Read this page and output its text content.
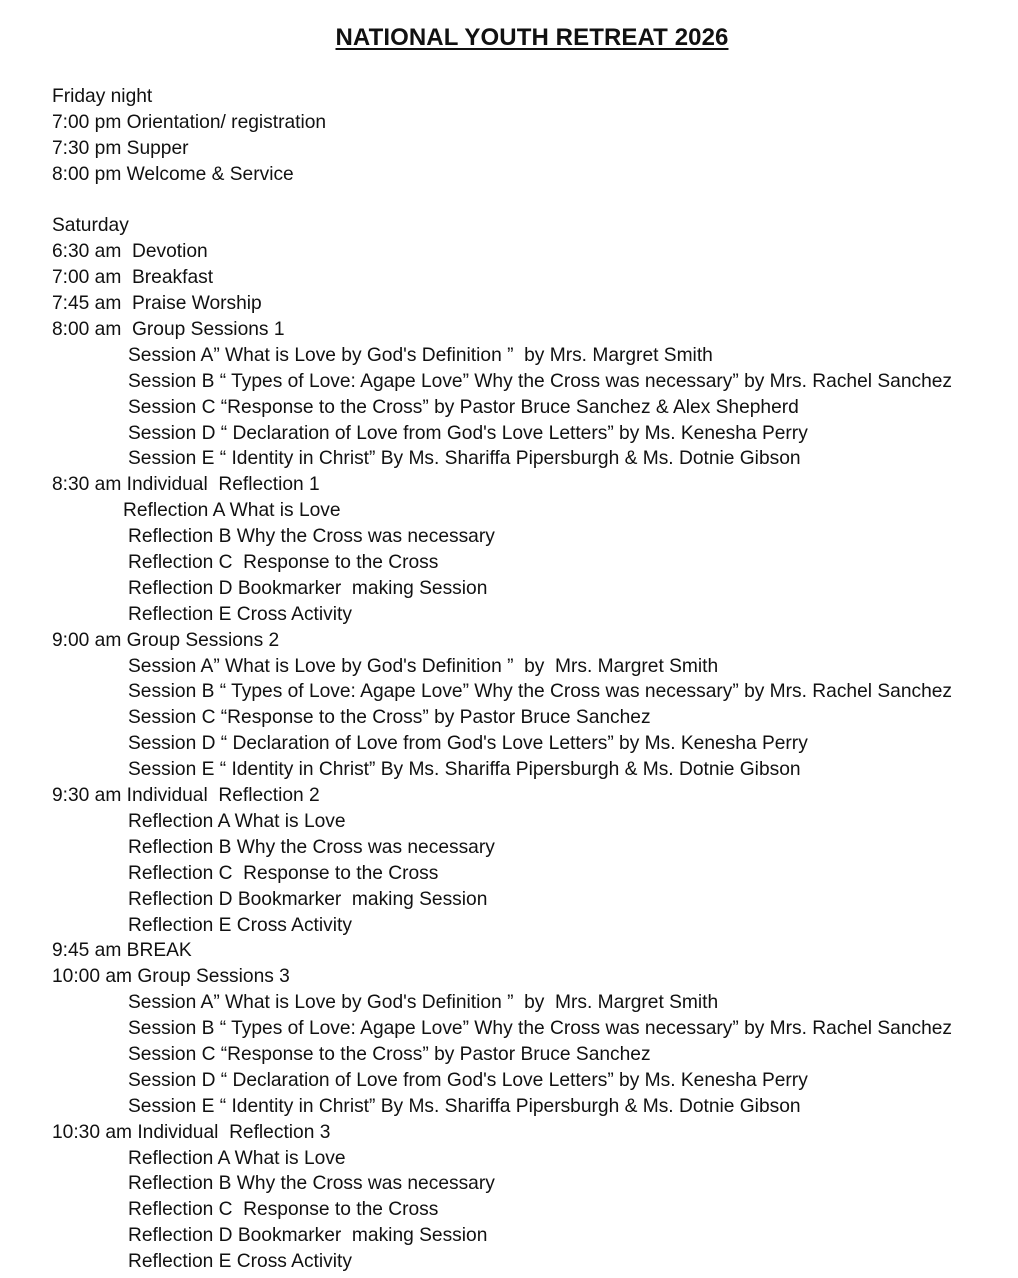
NATIONAL YOUTH RETREAT 2026
Friday night
7:00 pm Orientation/ registration
7:30 pm Supper
8:00 pm Welcome & Service
Saturday
6:30 am  Devotion
7:00 am  Breakfast
7:45 am  Praise Worship
8:00 am  Group Sessions 1
Session A” What is Love by God's Definition ”  by Mrs. Margret Smith
Session B “ Types of Love: Agape Love” Why the Cross was necessary” by Mrs. Rachel Sanchez
Session C “Response to the Cross” by Pastor Bruce Sanchez & Alex Shepherd
Session D “ Declaration of Love from God's Love Letters” by Ms. Kenesha Perry
Session E “ Identity in Christ” By Ms. Shariffa Pipersburgh & Ms. Dotnie Gibson
8:30 am Individual  Reflection 1
Reflection A What is Love
Reflection B Why the Cross was necessary
Reflection C  Response to the Cross
Reflection D Bookmarker  making Session
Reflection E Cross Activity
9:00 am Group Sessions 2
Session A” What is Love by God's Definition ”  by  Mrs. Margret Smith
Session B “ Types of Love: Agape Love” Why the Cross was necessary” by Mrs. Rachel Sanchez
Session C “Response to the Cross” by Pastor Bruce Sanchez
Session D “ Declaration of Love from God's Love Letters” by Ms. Kenesha Perry
Session E “ Identity in Christ” By Ms. Shariffa Pipersburgh & Ms. Dotnie Gibson
9:30 am Individual  Reflection 2
Reflection A What is Love
Reflection B Why the Cross was necessary
Reflection C  Response to the Cross
Reflection D Bookmarker  making Session
Reflection E Cross Activity
9:45 am BREAK
10:00 am Group Sessions 3
Session A” What is Love by God's Definition ”  by  Mrs. Margret Smith
Session B “ Types of Love: Agape Love” Why the Cross was necessary” by Mrs. Rachel Sanchez
Session C “Response to the Cross” by Pastor Bruce Sanchez
Session D “ Declaration of Love from God's Love Letters” by Ms. Kenesha Perry
Session E “ Identity in Christ” By Ms. Shariffa Pipersburgh & Ms. Dotnie Gibson
10:30 am Individual  Reflection 3
Reflection A What is Love
Reflection B Why the Cross was necessary
Reflection C  Response to the Cross
Reflection D Bookmarker  making Session
Reflection E Cross Activity
